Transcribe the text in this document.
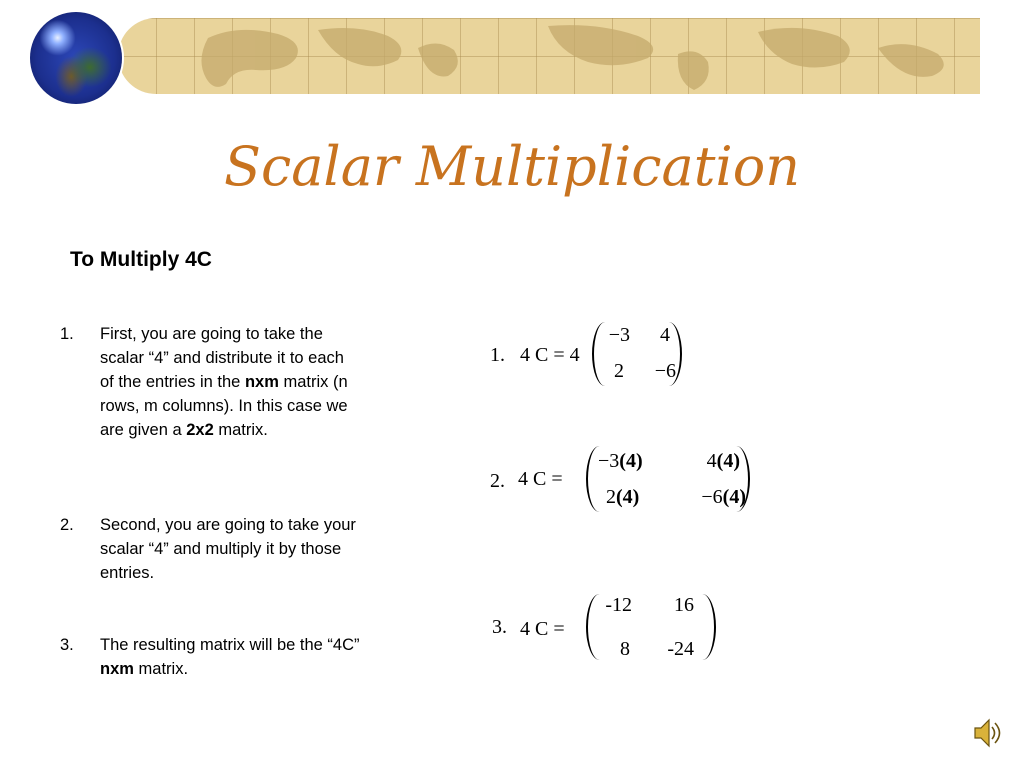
Scalar Multiplication
To Multiply 4C
1. First, you are going to take the scalar “4” and distribute it to each of the entries in the nxm matrix (n rows, m columns). In this case we are given a 2x2 matrix.
2. Second, you are going to take your scalar “4” and multiply it by those entries.
3. The resulting matrix will be the “4C” nxm matrix.
1. 4 C = 4
−3 4
2 −6
2. 4 C =
−3(4)	4(4)
2(4)	−6(4)
3. 4 C =
-12 16
8 -24
